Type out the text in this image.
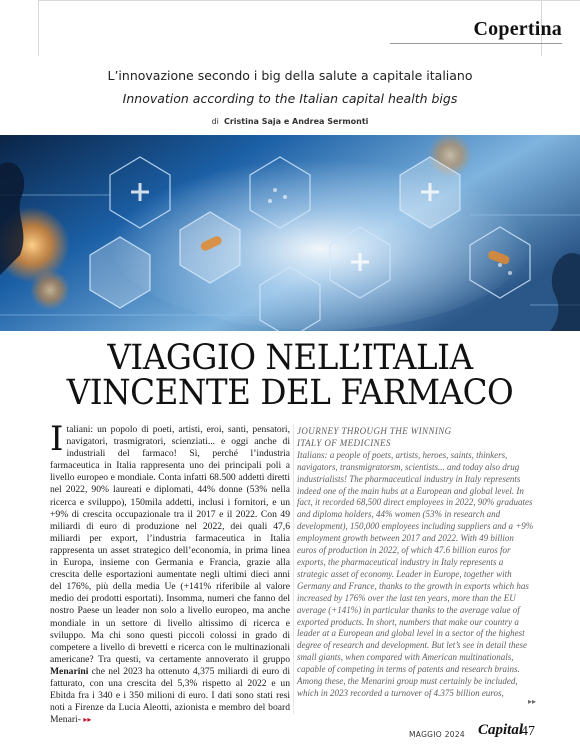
Copertina
L’innovazione secondo i big della salute a capitale italiano
Innovation according to the Italian capital health bigs
di Cristina Saja e Andrea Sermonti
VIAGGIO NELL’ITALIA
VINCENTE DEL FARMACO
Italiani: un popolo di poeti, artisti, eroi, santi, pensatori, navigatori, trasmigratori, scienziati... e oggi anche di industriali del farmaco! Sì, perché l’industria farmaceutica in Italia rappresenta uno dei principali poli a livello europeo e mondiale. Conta infatti 68.500 addetti diretti nel 2022, 90% laureati e diplomati, 44% donne (53% nella ricerca e sviluppo), 150mila addetti, inclusi i fornitori, e un +9% di crescita occupazionale tra il 2017 e il 2022. Con 49 miliardi di euro di produzione nel 2022, dei quali 47,6 miliardi per export, l’industria farmaceutica in Italia rappresenta un asset strategico dell’economia, in prima linea in Europa, insieme con Germania e Francia, grazie alla crescita delle esportazioni aumentate negli ultimi dieci anni del 176%, più della media Ue (+141% riferibile al valore medio dei prodotti esportati). Insomma, numeri che fanno del nostro Paese un leader non solo a livello europeo, ma anche mondiale in un settore di livello altissimo di ricerca e sviluppo. Ma chi sono questi piccoli colossi in grado di competere a livello di brevetti e ricerca con le multinazionali americane? Tra questi, va certamente annoverato il gruppo Menarini che nel 2023 ha ottenuto 4,375 miliardi di euro di fatturato, con una crescita del 5,3% rispetto al 2022 e un Ebitda fra i 340 e i 350 milioni di euro. I dati sono stati resi noti a Firenze da Lucia Aleotti, azionista e membro del board Menari- ▸▸
JOURNEY THROUGH THE WINNING
ITALY OF MEDICINES
Italians: a people of poets, artists, heroes, saints, thinkers, navigators, transmigratorsm, scientists... and today also drug industrialists! The pharmaceutical industry in Italy represents indeed one of the main hubs at a European and global level. In fact, it recorded 68,500 direct employees in 2022, 90% graduates and diploma holders, 44% women (53% in research and development), 150,000 employees including suppliers and a +9% employment growth between 2017 and 2022. With 49 billion euros of production in 2022, of which 47.6 billion euros for exports, the pharmaceutical industry in Italy represents a strategic asset of economy. Leader in Europe, together with Germany and France, thanks to the growth in exports which has increased by 176% over the last ten years, more than the EU average (+141%) in particular thanks to the average value of exported products. In short, numbers that make our country a leader at a European and global level in a sector of the highest degree of research and development. But let’s see in detail these small giants, when compared with American multinationals, capable of competing in terms of patents and research brains. Among these, the Menarini group must certainly be included, which in 2023 recorded a turnover of 4.375 billion euros,
▸▸
MAGGIO 2024 Capital
47
